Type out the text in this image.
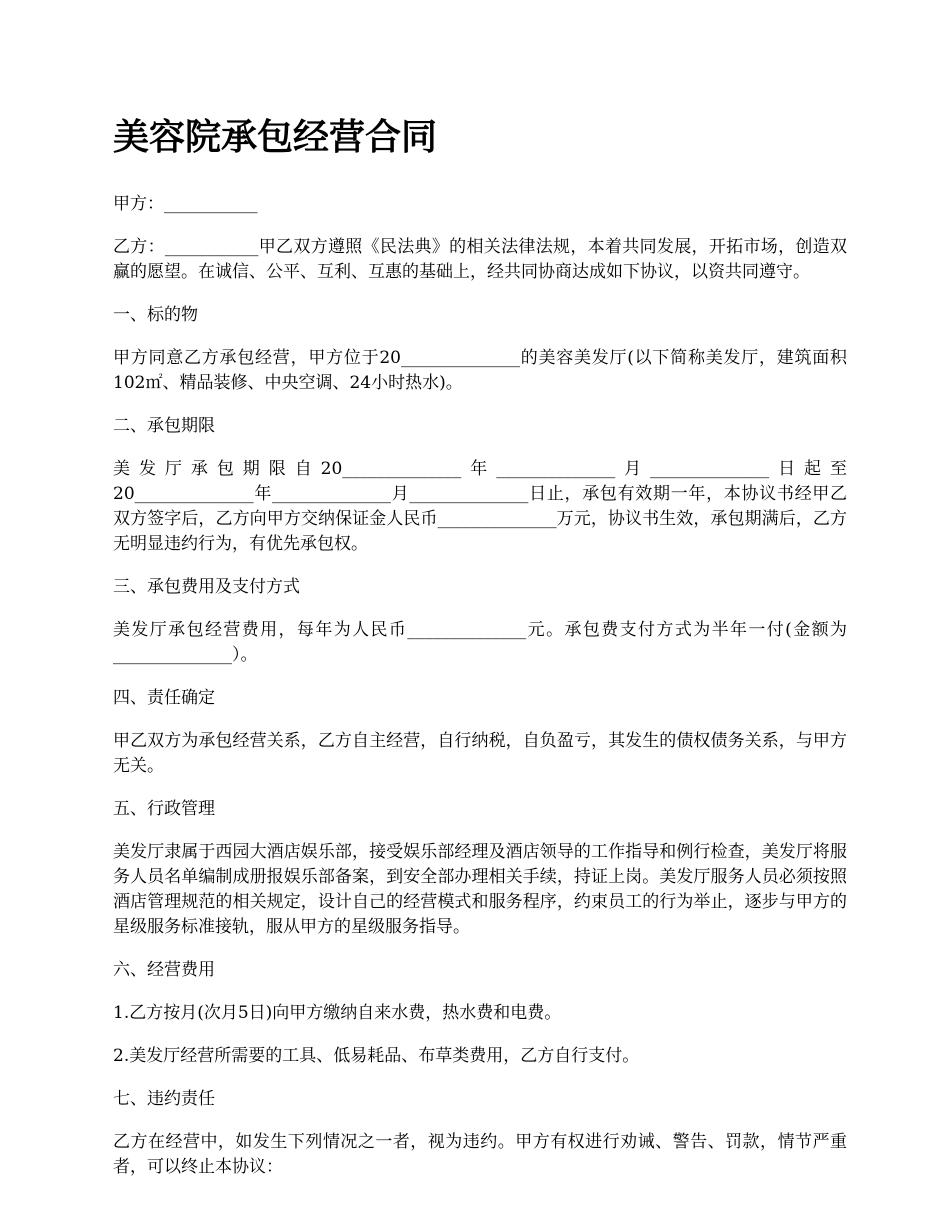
美容院承包经营合同

甲方：___________

乙方：___________甲乙双方遵照《民法典》的相关法律法规，本着共同发展，开拓市场，创造双赢的愿望。在诚信、公平、互利、互惠的基础上，经共同协商达成如下协议，以资共同遵守。

一、标的物

甲方同意乙方承包经营，甲方位于20______________的美容美发厅(以下简称美发厅，建筑面积102㎡、精品装修、中央空调、24小时热水)。

二、承包期限

美发厅承包期限自20______________年______________月______________日起至20______________年______________月______________日止，承包有效期一年，本协议书经甲乙双方签字后，乙方向甲方交纳保证金人民币______________万元，协议书生效，承包期满后，乙方无明显违约行为，有优先承包权。

三、承包费用及支付方式

美发厅承包经营费用，每年为人民币______________元。承包费支付方式为半年一付(金额为______________）。

四、责任确定

甲乙双方为承包经营关系，乙方自主经营，自行纳税，自负盈亏，其发生的债权债务关系，与甲方无关。

五、行政管理

美发厅隶属于西园大酒店娱乐部，接受娱乐部经理及酒店领导的工作指导和例行检查，美发厅将服务人员名单编制成册报娱乐部备案，到安全部办理相关手续，持证上岗。美发厅服务人员必须按照酒店管理规范的相关规定，设计自己的经营模式和服务程序，约束员工的行为举止，逐步与甲方的星级服务标准接轨，服从甲方的星级服务指导。

六、经营费用

1.乙方按月(次月5日)向甲方缴纳自来水费，热水费和电费。

2.美发厅经营所需要的工具、低易耗品、布草类费用，乙方自行支付。

七、违约责任

乙方在经营中，如发生下列情况之一者，视为违约。甲方有权进行劝诫、警告、罚款，情节严重者，可以终止本协议：
